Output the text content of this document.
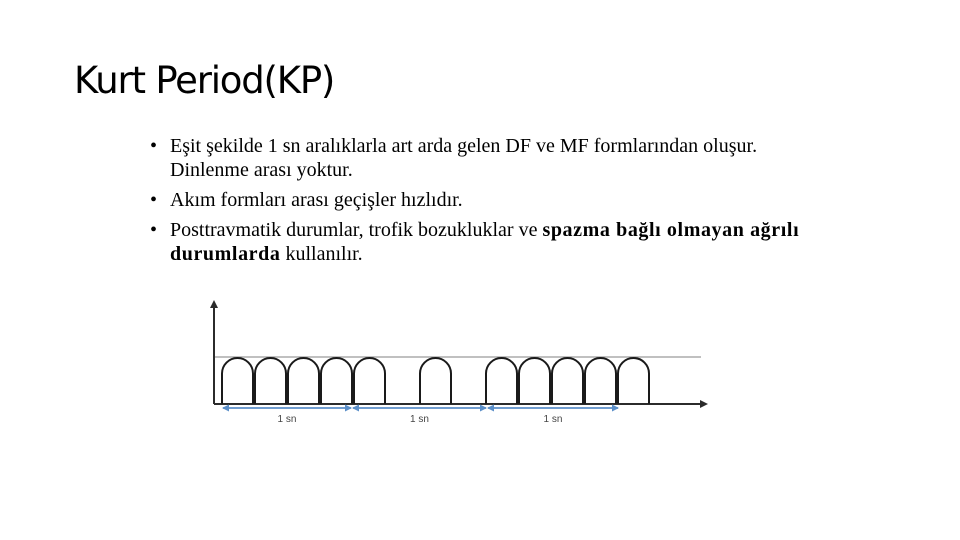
Kurt Period(KP)
• Eşit şekilde 1 sn aralıklarla art arda gelen DF ve MF formlarından oluşur. Dinlenme arası yoktur.
• Akım formları arası geçişler hızlıdır.
• Posttravmatik durumlar, trofik bozukluklar ve spazma bağlı olmayan ağrılı durumlarda kullanılır.
1 sn	1 sn	1 sn
